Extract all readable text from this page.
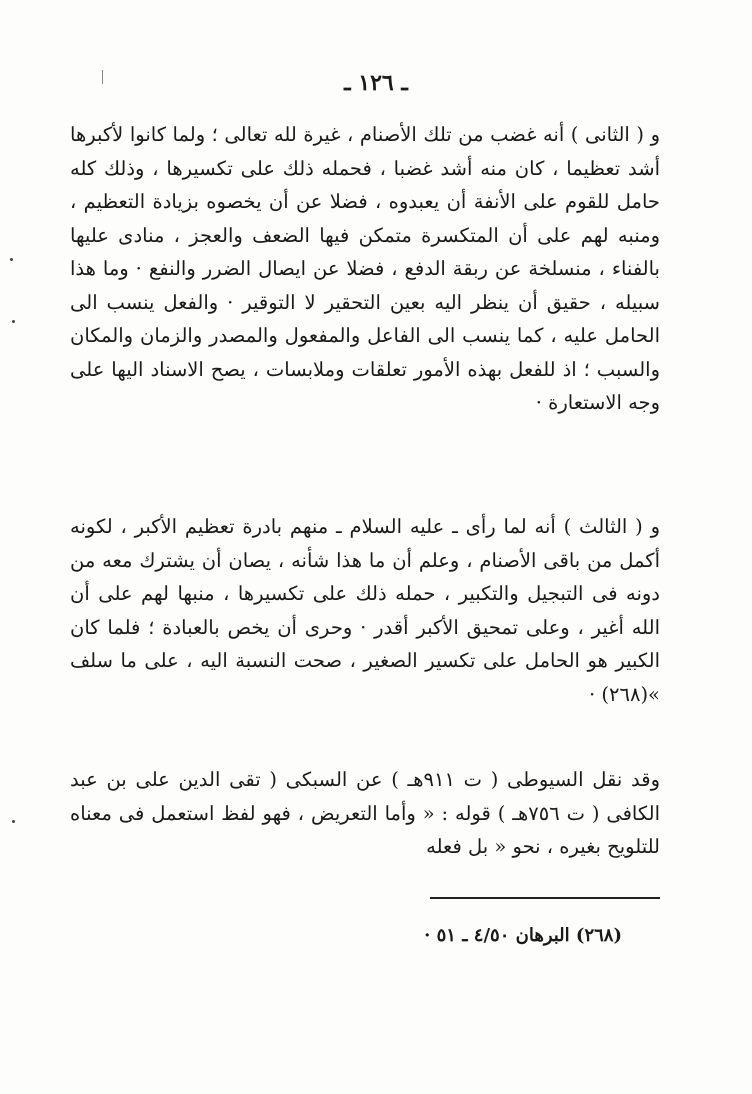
ـ ١٢٦ ـ

و ( الثانى ) أنه غضب من تلك الأصنام ، غيرة لله تعالى ؛ ولما كانوا لأكبرها أشد تعظيما ، كان منه أشد غضبا ، فحمله ذلك على تكسيرها ، وذلك كله حامل للقوم على الأنفة أن يعبدوه ، فضلا عن أن يخصوه بزيادة التعظيم ، ومنبه لهم على أن المتكسرة متمكن فيها الضعف والعجز ، منادى عليها بالفناء ، منسلخة عن ربقة الدفع ، فضلا عن ايصال الضرر والنفع · وما هذا سبيله ، حقيق أن ينظر اليه بعين التحقير لا التوقير · والفعل ينسب الى الحامل عليه ، كما ينسب الى الفاعل والمفعول والمصدر والزمان والمكان والسبب ؛ اذ للفعل بهذه الأمور تعلقات وملابسات ، يصح الاسناد اليها على وجه الاستعارة ·

و ( الثالث ) أنه لما رأى ـ عليه السلام ـ منهم بادرة تعظيم الأكبر ، لكونه أكمل من باقى الأصنام ، وعلم أن ما هذا شأنه ، يصان أن يشترك معه من دونه فى التبجيل والتكبير ، حمله ذلك على تكسيرها ، منبها لهم على أن الله أغير ، وعلى تمحيق الأكبر أقدر · وحرى أن يخص بالعبادة ؛ فلما كان الكبير هو الحامل على تكسير الصغير ، صحت النسبة اليه ، على ما سلف »(٢٦٨) ·

وقد نقل السيوطى ( ت ٩١١هـ ) عن السبكى ( تقى الدين على بن عبد الكافى ( ت ٧٥٦هـ ) قوله : « وأما التعريض ، فهو لفظ استعمل فى معناه للتلويح بغيره ، نحو « بل فعله

(٢٦٨) البرهان ٤/٥٠ ـ ٥١ ·
